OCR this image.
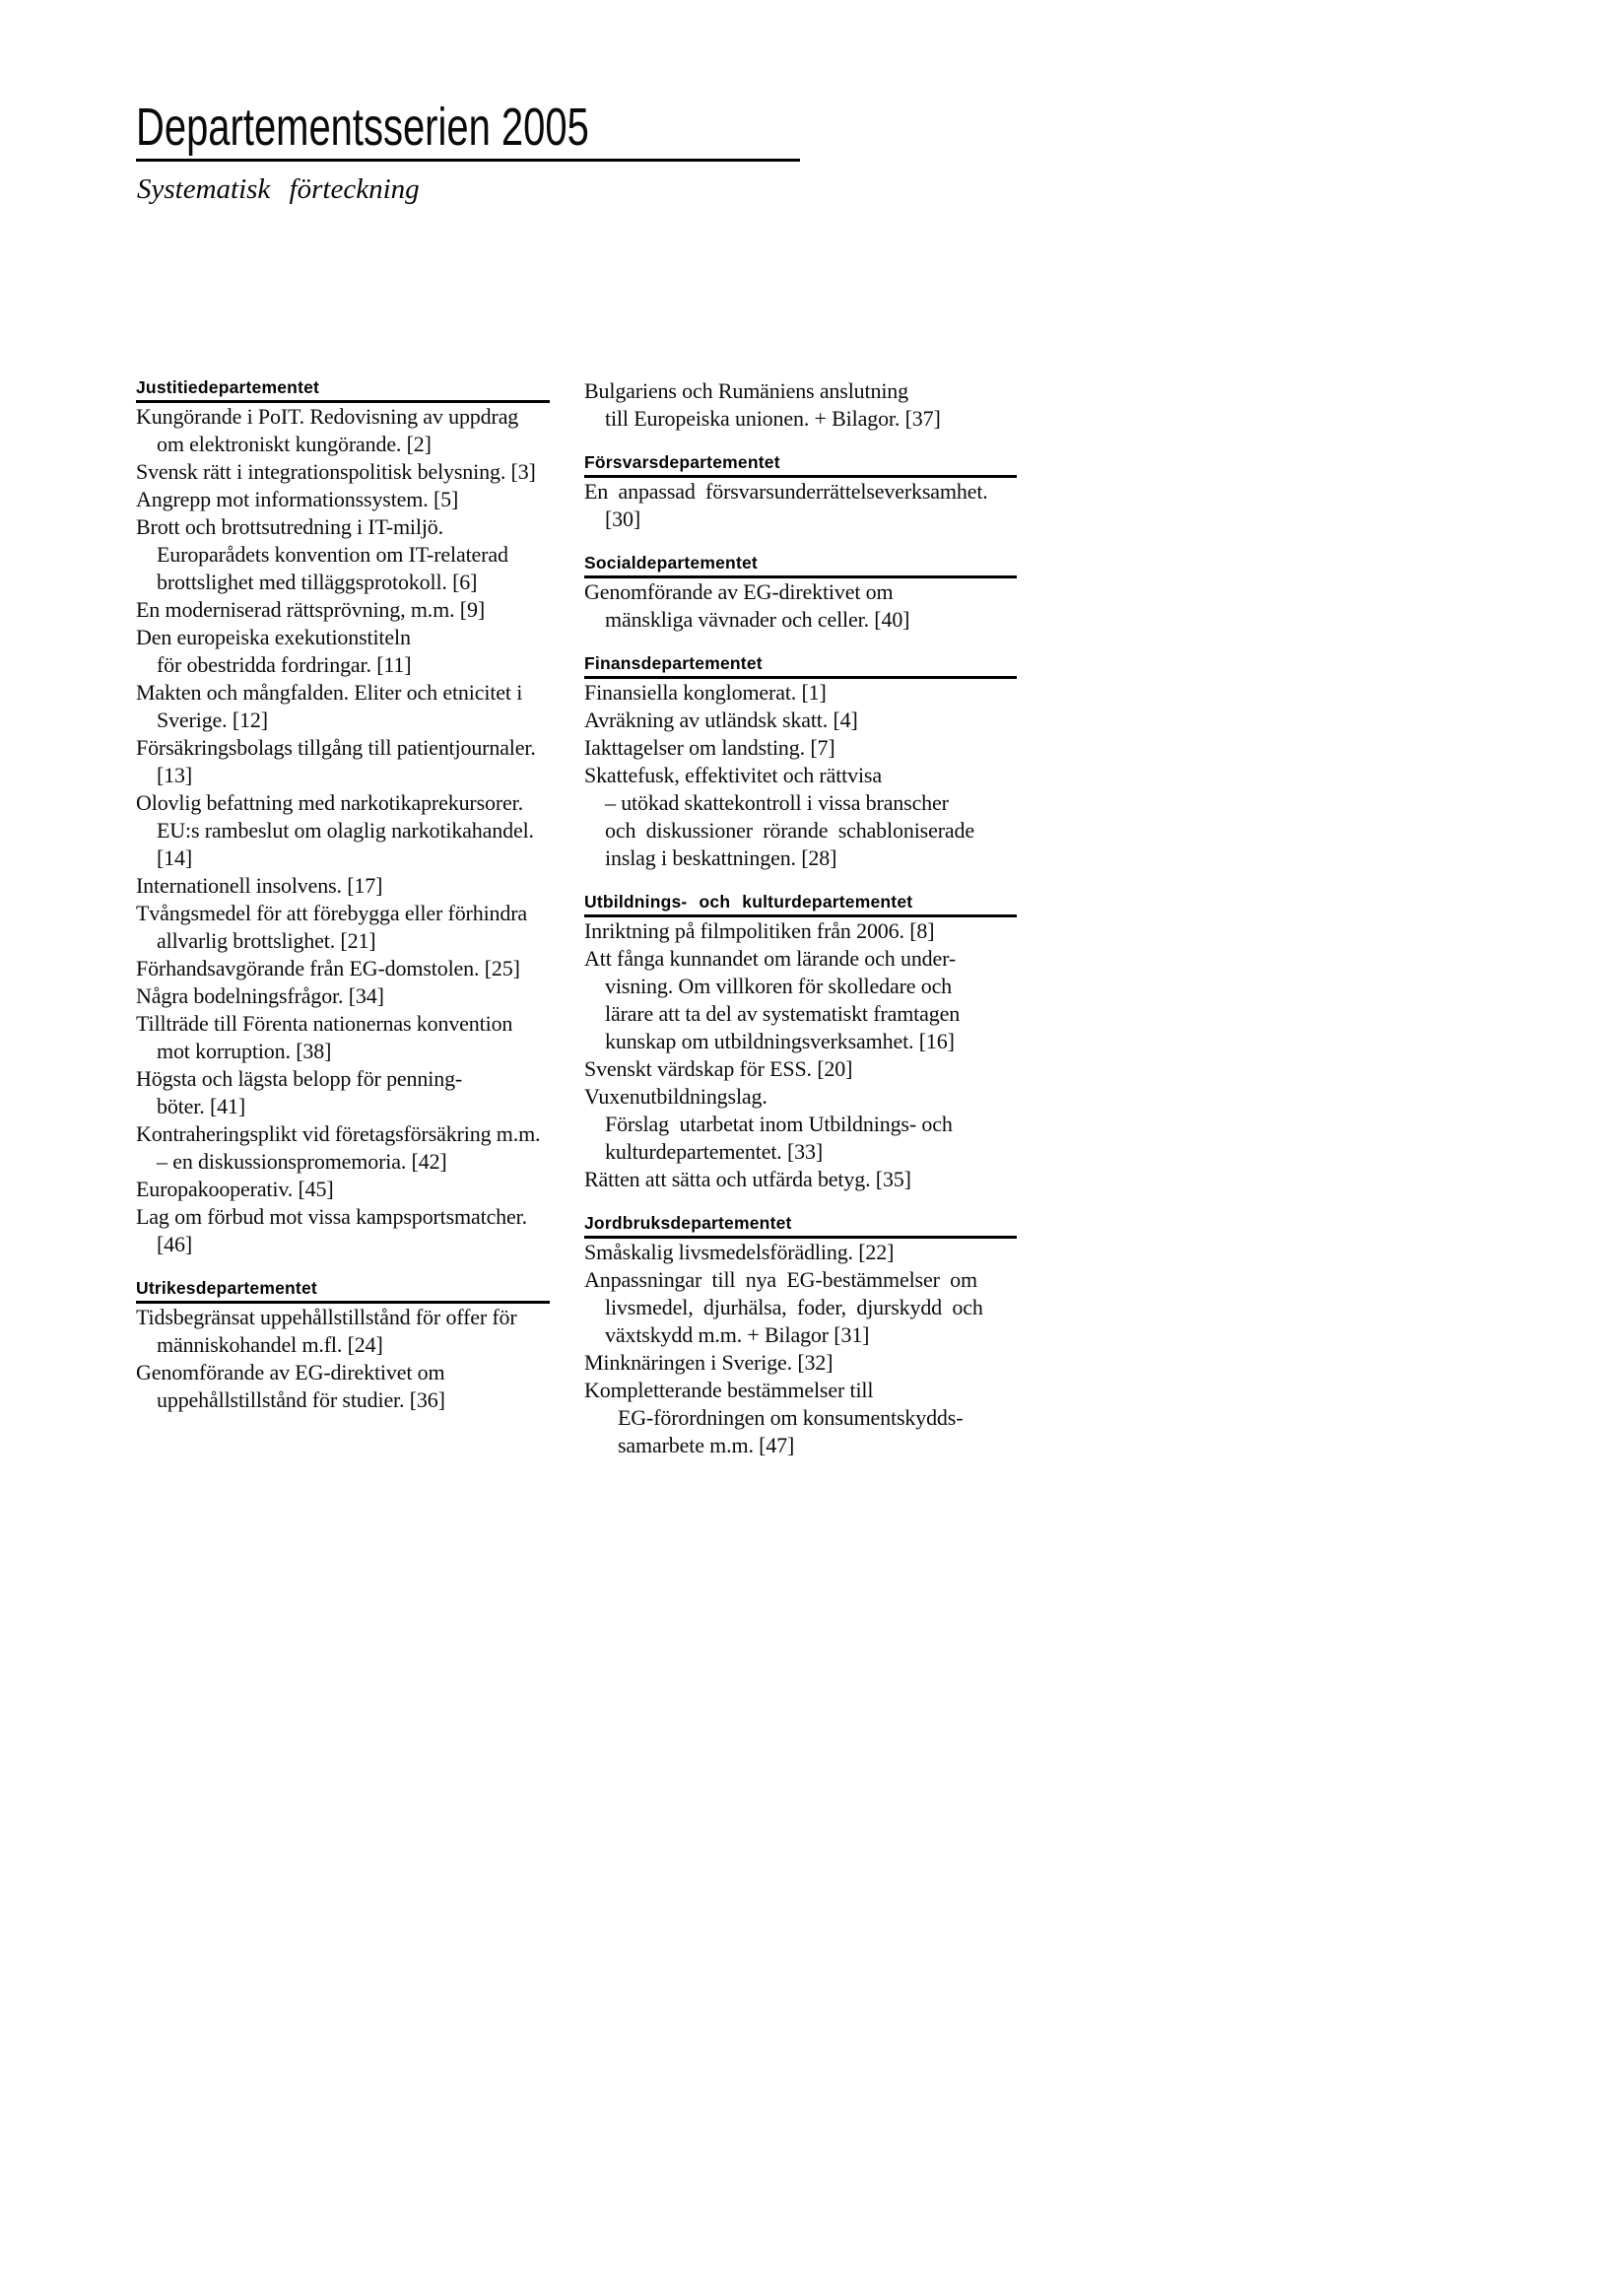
Departementsserien 2005
Systematisk förteckning
Justitiedepartementet
Kungörande i PoIT. Redovisning av uppdrag
om elektroniskt kungörande. [2]
Svensk rätt i integrationspolitisk belysning. [3]
Angrepp mot informationssystem. [5]
Brott och brottsutredning i IT-miljö.
Europarådets konvention om IT-relaterad
brottslighet med tilläggsprotokoll. [6]
En moderniserad rättsprövning, m.m. [9]
Den europeiska exekutionstiteln
för obestridda fordringar. [11]
Makten och mångfalden. Eliter och etnicitet i
Sverige. [12]
Försäkringsbolags tillgång till patientjournaler.
[13]
Olovlig befattning med narkotikaprekursorer.
EU:s rambeslut om olaglig narkotikahandel.
[14]
Internationell insolvens. [17]
Tvångsmedel för att förebygga eller förhindra
allvarlig brottslighet. [21]
Förhandsavgörande från EG-domstolen. [25]
Några bodelningsfrågor. [34]
Tillträde till Förenta nationernas konvention
mot korruption. [38]
Högsta och lägsta belopp för penning-
böter. [41]
Kontraheringsplikt vid företagsförsäkring m.m.
– en diskussionspromemoria. [42]
Europakooperativ. [45]
Lag om förbud mot vissa kampsportsmatcher.
[46]
Utrikesdepartementet
Tidsbegränsat uppehållstillstånd för offer för
människohandel m.fl. [24]
Genomförande av EG-direktivet om
uppehållstillstånd för studier. [36]
Bulgariens och Rumäniens anslutning
till Europeiska unionen. + Bilagor. [37]
Försvarsdepartementet
En anpassad försvarsunderrättelseverksamhet.
[30]
Socialdepartementet
Genomförande av EG-direktivet om
mänskliga vävnader och celler. [40]
Finansdepartementet
Finansiella konglomerat. [1]
Avräkning av utländsk skatt. [4]
Iakttagelser om landsting. [7]
Skattefusk, effektivitet och rättvisa
– utökad skattekontroll i vissa branscher
och diskussioner rörande schabloniserade
inslag i beskattningen. [28]
Utbildnings- och kulturdepartementet
Inriktning på filmpolitiken från 2006. [8]
Att fånga kunnandet om lärande och under-
visning. Om villkoren för skolledare och
lärare att ta del av systematiskt framtagen
kunskap om utbildningsverksamhet. [16]
Svenskt värdskap för ESS. [20]
Vuxenutbildningslag.
Förslag  utarbetat inom Utbildnings- och
kulturdepartementet. [33]
Rätten att sätta och utfärda betyg. [35]
Jordbruksdepartementet
Småskalig livsmedelsförädling. [22]
Anpassningar till nya EG-bestämmelser om
livsmedel, djurhälsa, foder, djurskydd och
växtskydd m.m. + Bilagor [31]
Minknäringen i Sverige. [32]
Kompletterande bestämmelser till
EG-förordningen om konsumentskydds-
samarbete m.m. [47]
